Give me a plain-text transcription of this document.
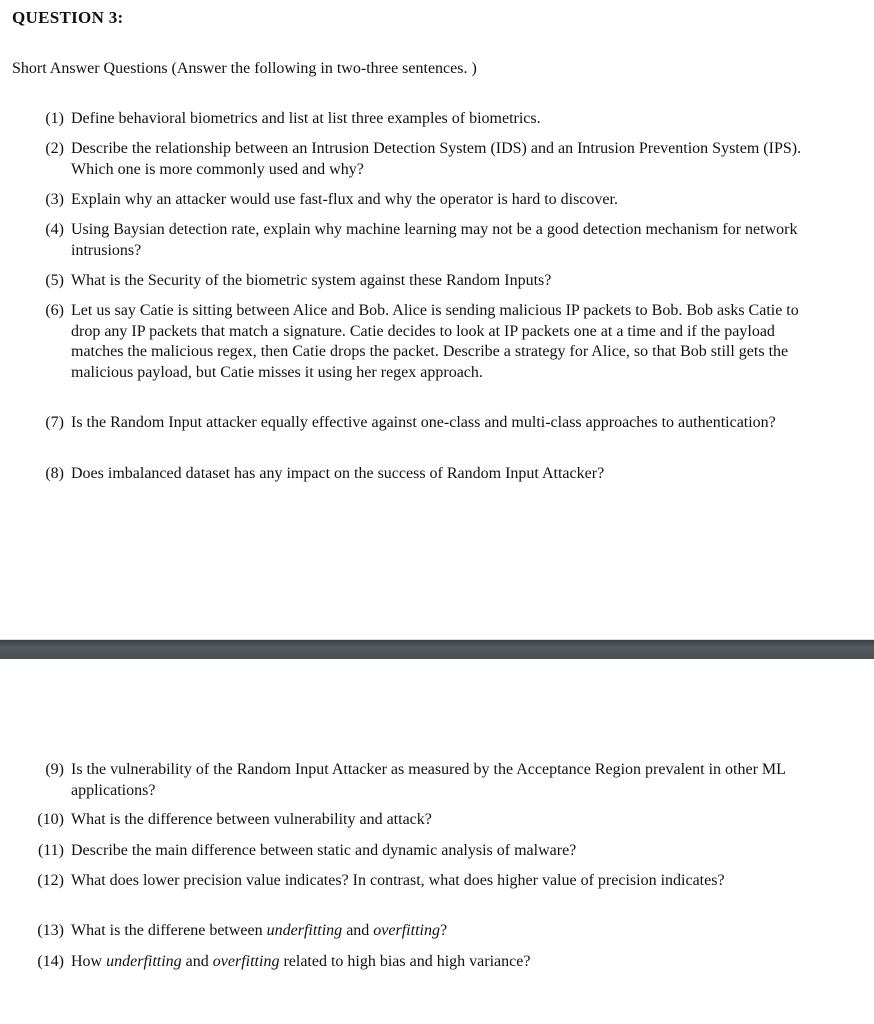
QUESTION 3:
Short Answer Questions (Answer the following in two-three sentences. )
(1) Define behavioral biometrics and list at list three examples of biometrics.
(2) Describe the relationship between an Intrusion Detection System (IDS) and an Intrusion Prevention System (IPS). Which one is more commonly used and why?
(3) Explain why an attacker would use fast-flux and why the operator is hard to discover.
(4) Using Baysian detection rate, explain why machine learning may not be a good detection mechanism for network intrusions?
(5) What is the Security of the biometric system against these Random Inputs?
(6) Let us say Catie is sitting between Alice and Bob. Alice is sending malicious IP packets to Bob. Bob asks Catie to drop any IP packets that match a signature. Catie decides to look at IP packets one at a time and if the payload matches the malicious regex, then Catie drops the packet. Describe a strategy for Alice, so that Bob still gets the malicious payload, but Catie misses it using her regex approach.
(7) Is the Random Input attacker equally effective against one-class and multi-class approaches to authentication?
(8) Does imbalanced dataset has any impact on the success of Random Input Attacker?
(9) Is the vulnerability of the Random Input Attacker as measured by the Acceptance Region prevalent in other ML applications?
(10) What is the difference between vulnerability and attack?
(11) Describe the main difference between static and dynamic analysis of malware?
(12) What does lower precision value indicates? In contrast, what does higher value of precision indicates?
(13) What is the differene between underfitting and overfitting?
(14) How underfitting and overfitting related to high bias and high variance?
